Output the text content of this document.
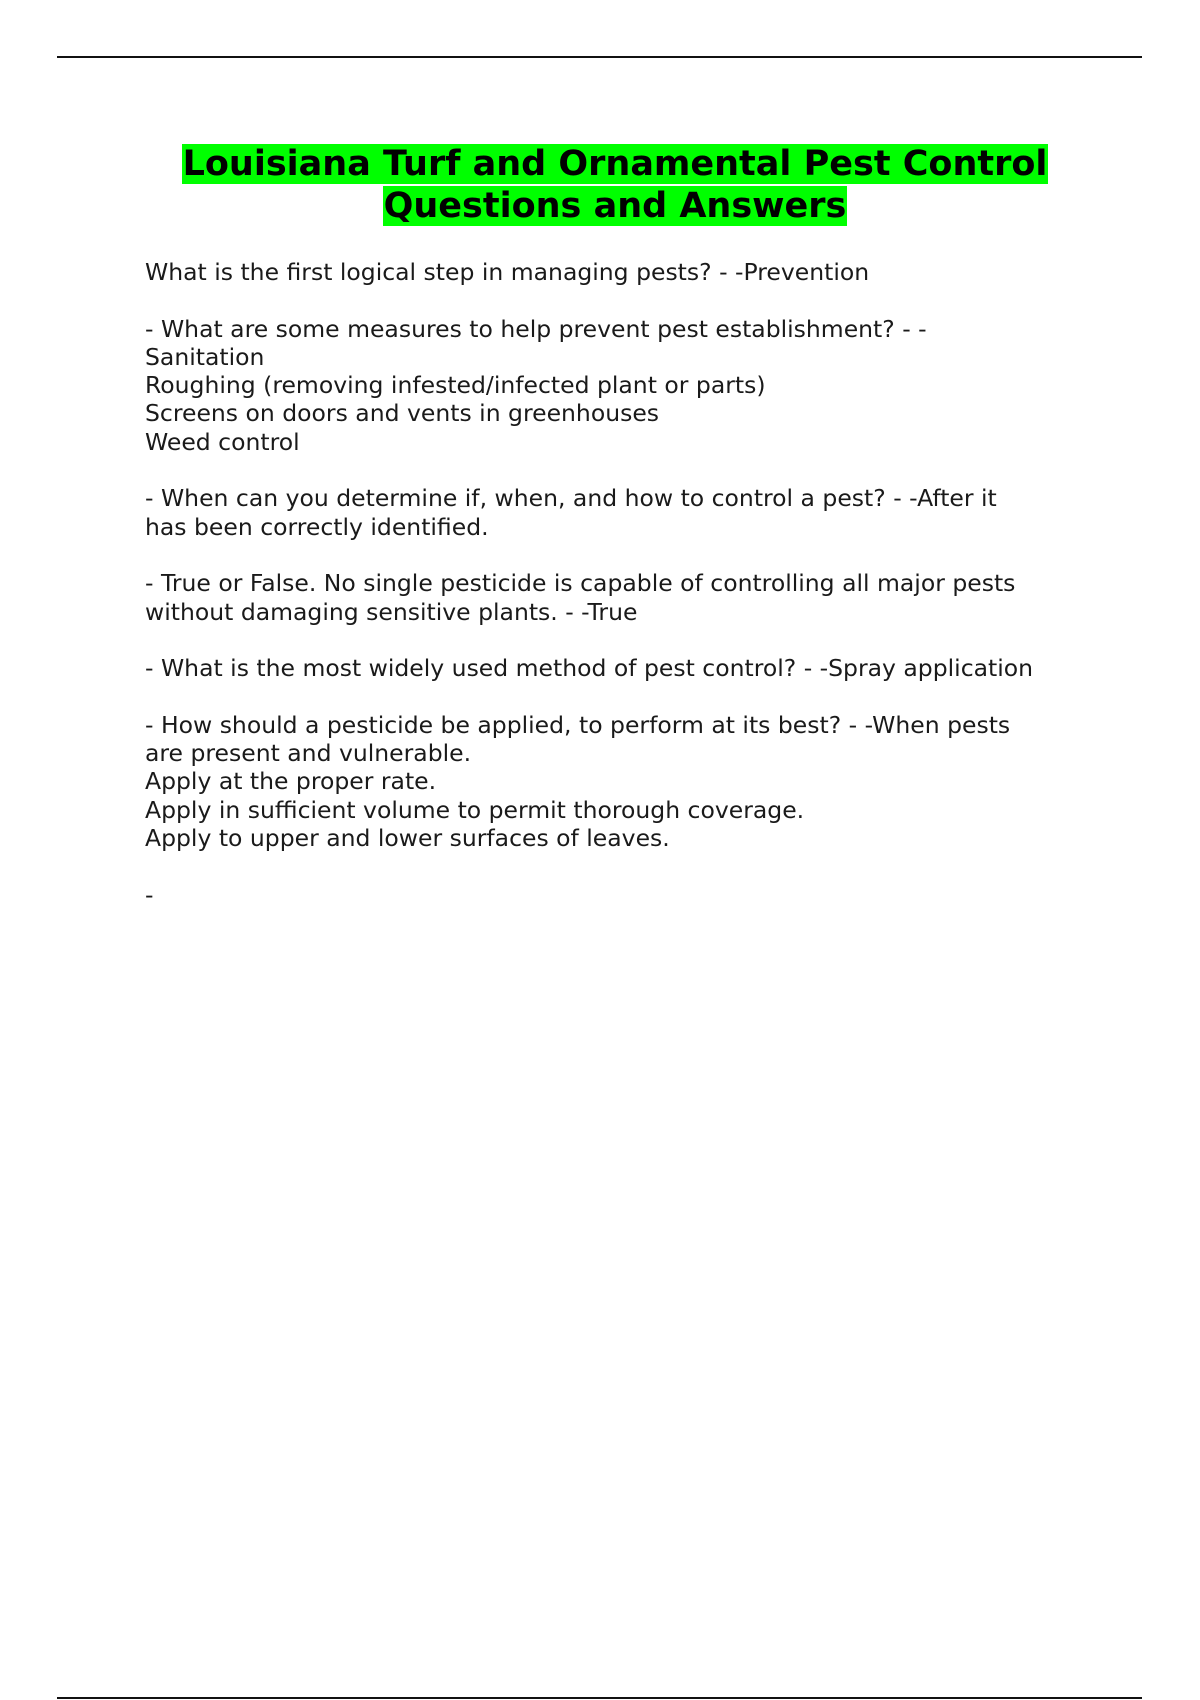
Louisiana Turf and Ornamental Pest Control
Questions and Answers
What is the first logical step in managing pests? - -Prevention
- What are some measures to help prevent pest establishment? - -
Sanitation
Roughing (removing infested/infected plant or parts)
Screens on doors and vents in greenhouses
Weed control
- When can you determine if, when, and how to control a pest? - -After it
has been correctly identified.
- True or False. No single pesticide is capable of controlling all major pests
without damaging sensitive plants. - -True
- What is the most widely used method of pest control? - -Spray application
- How should a pesticide be applied, to perform at its best? - -When pests
are present and vulnerable.
Apply at the proper rate.
Apply in sufficient volume to permit thorough coverage.
Apply to upper and lower surfaces of leaves.
-
